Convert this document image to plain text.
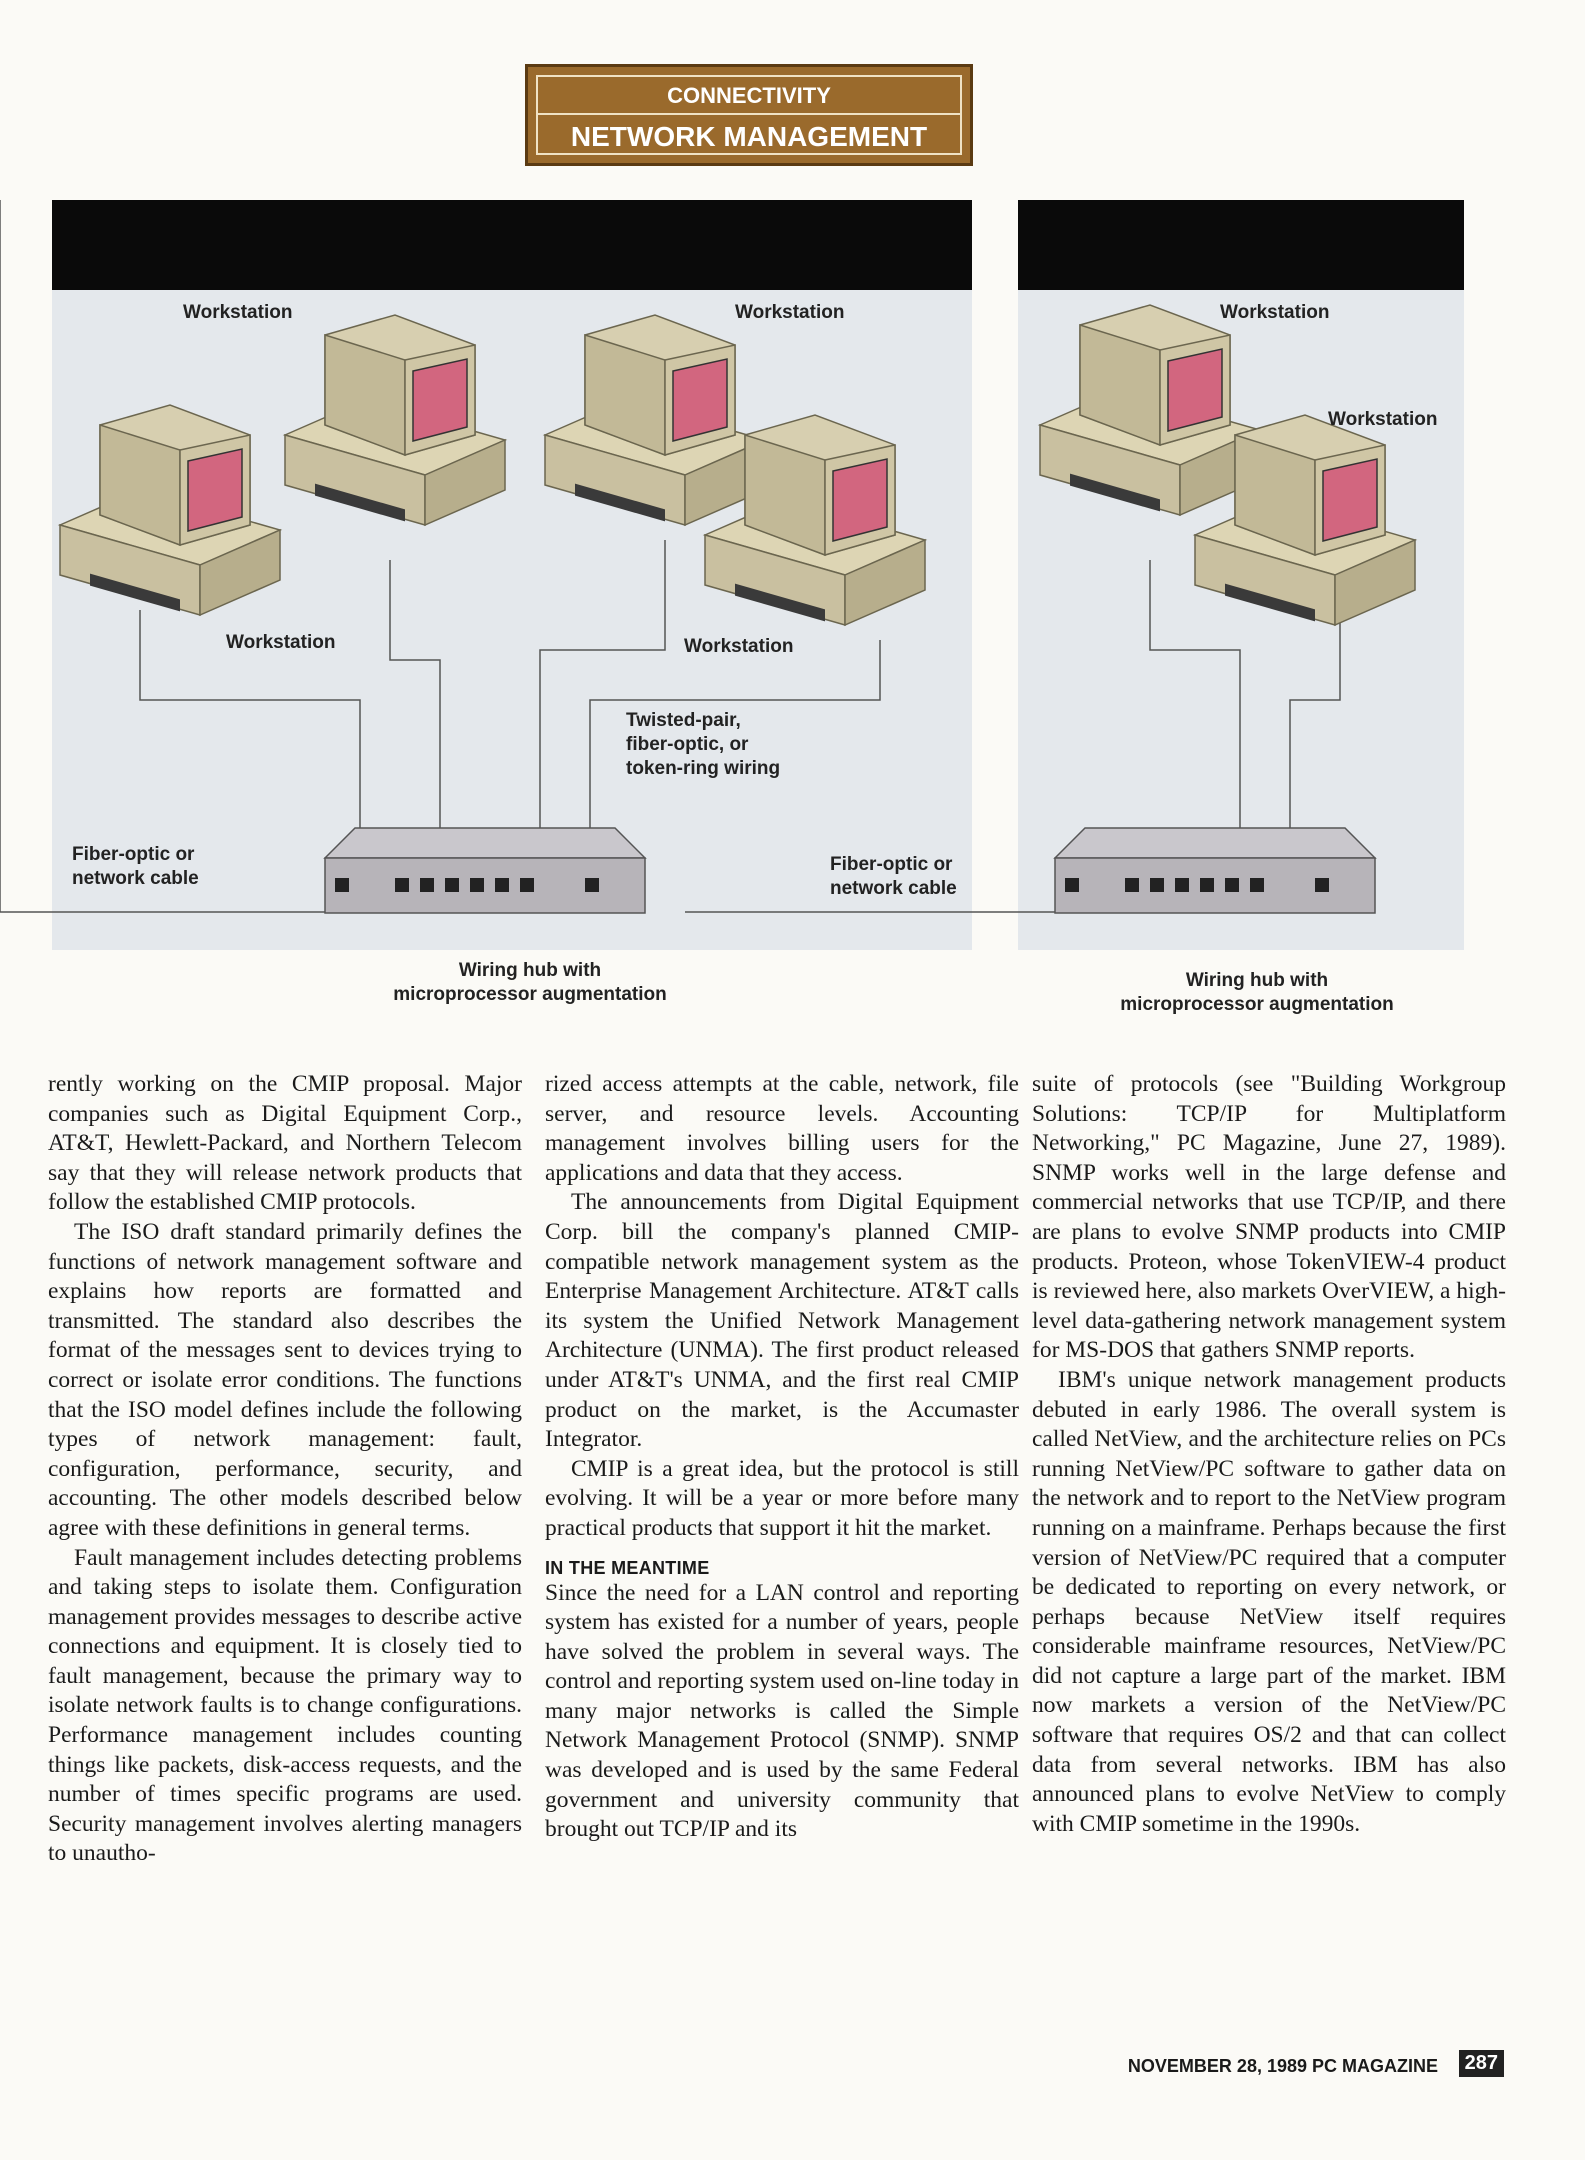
CONNECTIVITY
NETWORK MANAGEMENT
Workstation	Workstation
Workstation	Workstation
Workstation
Workstation
Twisted-pair,
fiber-optic, or
token-ring wiring
Fiber-optic or
network cable
Fiber-optic or
network cable
Wiring hub with
microprocessor augmentation
Wiring hub with
microprocessor augmentation

rently working on the CMIP proposal. Major companies such as Digital Equipment Corp., AT&T, Hewlett-Packard, and Northern Telecom say that they will release network products that follow the established CMIP protocols.

The ISO draft standard primarily defines the functions of network management software and explains how reports are formatted and transmitted. The standard also describes the format of the messages sent to devices trying to correct or isolate error conditions. The functions that the ISO model defines include the following types of network management: fault, configuration, performance, security, and accounting. The other models described below agree with these definitions in general terms.

Fault management includes detecting problems and taking steps to isolate them. Configuration management provides messages to describe active connections and equipment. It is closely tied to fault management, because the primary way to isolate network faults is to change configurations. Performance management includes counting things like packets, disk-access requests, and the number of times specific programs are used. Security management involves alerting managers to unautho-

rized access attempts at the cable, network, file server, and resource levels. Accounting management involves billing users for the applications and data that they access.

The announcements from Digital Equipment Corp. bill the company's planned CMIP-compatible network management system as the Enterprise Management Architecture. AT&T calls its system the Unified Network Management Architecture (UNMA). The first product released under AT&T's UNMA, and the first real CMIP product on the market, is the Accumaster Integrator.

CMIP is a great idea, but the protocol is still evolving. It will be a year or more before many practical products that support it hit the market.

IN THE MEANTIME

Since the need for a LAN control and reporting system has existed for a number of years, people have solved the problem in several ways. The control and reporting system used on-line today in many major networks is called the Simple Network Management Protocol (SNMP). SNMP was developed and is used by the same Federal government and university community that brought out TCP/IP and its

suite of protocols (see "Building Workgroup Solutions: TCP/IP for Multiplatform Networking," PC Magazine, June 27, 1989). SNMP works well in the large defense and commercial networks that use TCP/IP, and there are plans to evolve SNMP products into CMIP products. Proteon, whose TokenVIEW-4 product is reviewed here, also markets OverVIEW, a high-level data-gathering network management system for MS-DOS that gathers SNMP reports.

IBM's unique network management products debuted in early 1986. The overall system is called NetView, and the architecture relies on PCs running NetView/PC software to gather data on the network and to report to the NetView program running on a mainframe. Perhaps because the first version of NetView/PC required that a computer be dedicated to reporting on every network, or perhaps because NetView itself requires considerable mainframe resources, NetView/PC did not capture a large part of the market. IBM now markets a version of the NetView/PC software that requires OS/2 and that can collect data from several networks. IBM has also announced plans to evolve NetView to comply with CMIP sometime in the 1990s.

NOVEMBER 28, 1989 PC MAGAZINE	287
